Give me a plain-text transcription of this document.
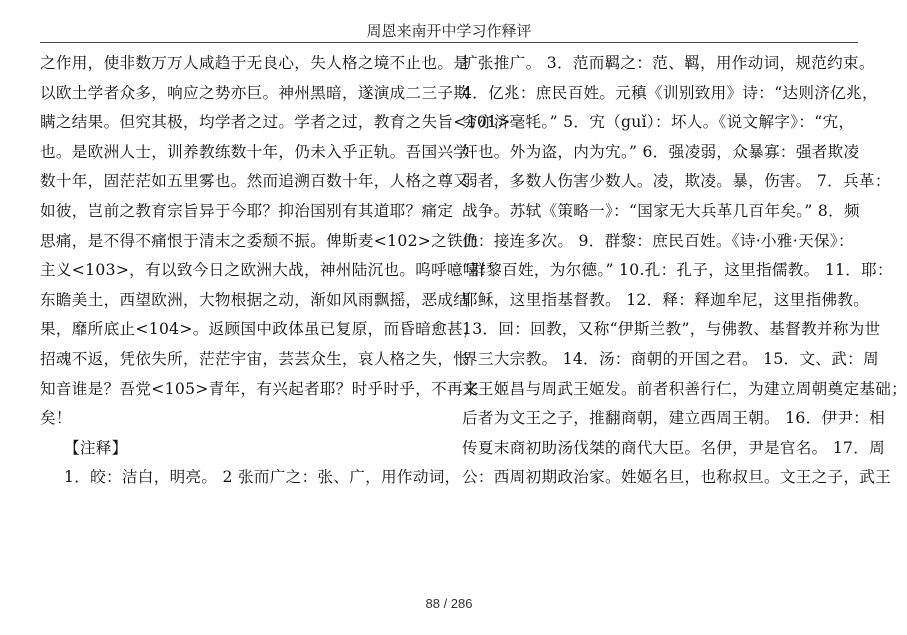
周恩来南开中学习作释评
之作用，使非数万万人咸趋于无良心，失人格之境不止也。是
以欧土学者众多，响应之势亦巨。神州黑暗，遂演成二三子欺
瞒之结果。但究其极，均学者之过。学者之过，教育之失旨<101>
也。是欧洲人士，训养教练数十年，仍未入乎正轨。吾国兴学
数十年，固茫茫如五里雾也。然而追溯百数十年，人格之尊又
如彼，岂前之教育宗旨异于今耶？抑治国别有其道耶？痛定
思痛，是不得不痛恨于清末之委颓不振。俾斯麦<102>之铁血
主义<103>，有以致今日之欧洲大战，神州陆沉也。呜呼噫嘻！
东瞻美土，西望欧洲，大物根据之动，渐如风雨飘摇，恶成结
果，靡所底止<104>。返顾国中政体虽已复原，而昏暗愈甚，
招魂不返，凭依失所，茫茫宇宙，芸芸众生，哀人格之失，怅
知音谁是？吾党<105>青年，有兴起者耶？时乎时乎，不再来
矣！
【注释】
1．皎：洁白，明亮。 2 张而广之：张、广，用作动词，
扩张推广。 3．范而羁之：范、羁，用作动词，规范约束。
4．亿兆：庶民百姓。元稹《训别致用》诗：“达则济亿兆，
穷亦济毫牦。” 5．宄（guǐ）：坏人。《说文解字》：“宄，
奸也。外为盗，内为宄。” 6．强凌弱，众暴寡：强者欺凌
弱者，多数人伤害少数人。凌，欺凌。暴，伤害。 7．兵革：
战争。苏轼《策略一》：“国家无大兵革几百年矣。” 8．频
仍：接连多次。 9．群黎：庶民百姓。《诗·小雅·天保》：
“群黎百姓，为尔德。” 10.孔：孔子，这里指儒教。 11．耶：
耶稣，这里指基督教。 12．释：释迦牟尼，这里指佛教。
13．回：回教，又称“伊斯兰教”，与佛教、基督教并称为世
界三大宗教。 14．汤：商朝的开国之君。 15．文、武：周
文王姬昌与周武王姬发。前者积善行仁，为建立周朝奠定基础；
后者为文王之子，推翻商朝，建立西周王朝。 16．伊尹：相
传夏末商初助汤伐桀的商代大臣。名伊，尹是官名。 17．周
公：西周初期政治家。姓姬名旦，也称叔旦。文王之子，武王
88 / 286
